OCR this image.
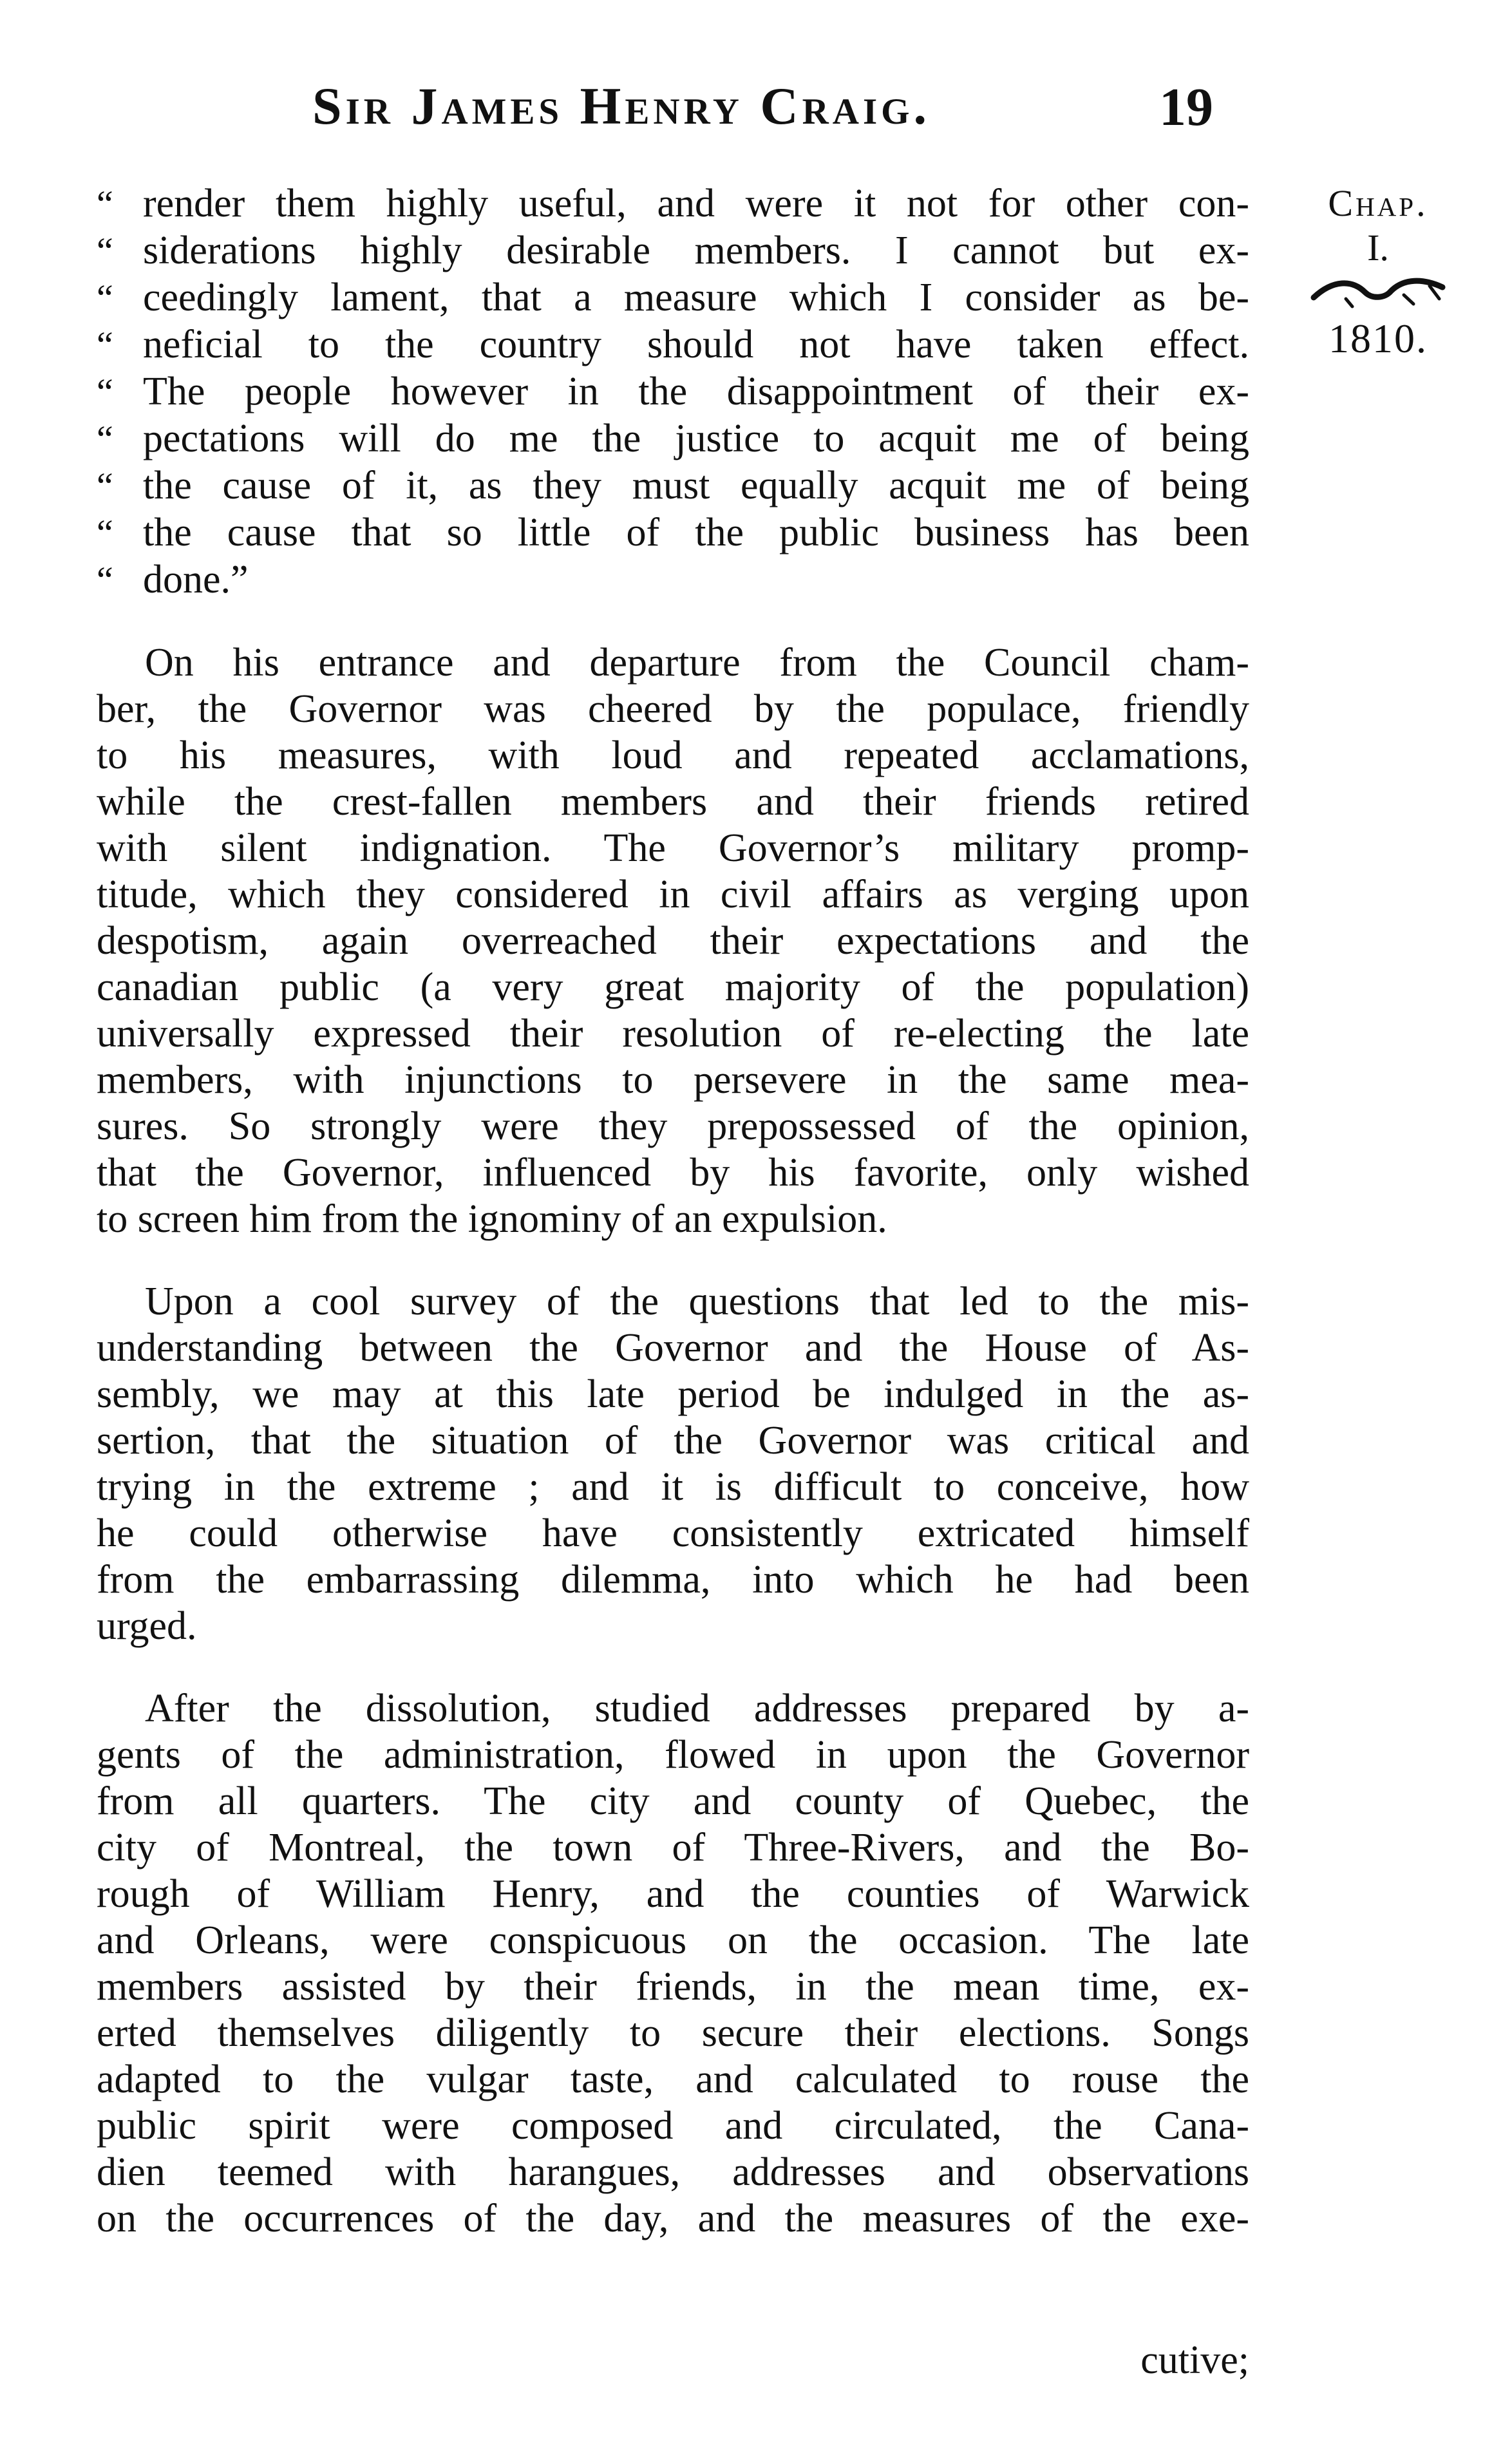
Sir James Henry Craig.	19
Chap.
I.
1810.
“ render them highly useful, and were it not for other con-
“ siderations highly desirable members. I cannot but ex-
“ ceedingly lament, that a measure which I consider as be-
“ neficial to the country should not have taken effect.
“ The people however in the disappointment of their ex-
“ pectations will do me the justice to acquit me of being
“ the cause of it, as they must equally acquit me of being
“ the cause that so little of the public business has been
“ done.”
On his entrance and departure from the Council cham-
ber, the Governor was cheered by the populace, friendly
to his measures, with loud and repeated acclamations,
while the crest-fallen members and their friends retired
with silent indignation. The Governor’s military promp-
titude, which they considered in civil affairs as verging upon
despotism, again overreached their expectations and the
canadian public (a very great majority of the population)
universally expressed their resolution of re-electing the late
members, with injunctions to persevere in the same mea-
sures. So strongly were they prepossessed of the opinion,
that the Governor, influenced by his favorite, only wished
to screen him from the ignominy of an expulsion.
Upon a cool survey of the questions that led to the mis-
understanding between the Governor and the House of As-
sembly, we may at this late period be indulged in the as-
sertion, that the situation of the Governor was critical and
trying in the extreme ; and it is difficult to conceive, how
he could otherwise have consistently extricated himself
from the embarrassing dilemma, into which he had been
urged.
After the dissolution, studied addresses prepared by a-
gents of the administration, flowed in upon the Governor
from all quarters. The city and county of Quebec, the
city of Montreal, the town of Three-Rivers, and the Bo-
rough of William Henry, and the counties of Warwick
and Orleans, were conspicuous on the occasion. The late
members assisted by their friends, in the mean time, ex-
erted themselves diligently to secure their elections. Songs
adapted to the vulgar taste, and calculated to rouse the
public spirit were composed and circulated, the Cana-
dien teemed with harangues, addresses and observations
on the occurrences of the day, and the measures of the exe-
cutive;
